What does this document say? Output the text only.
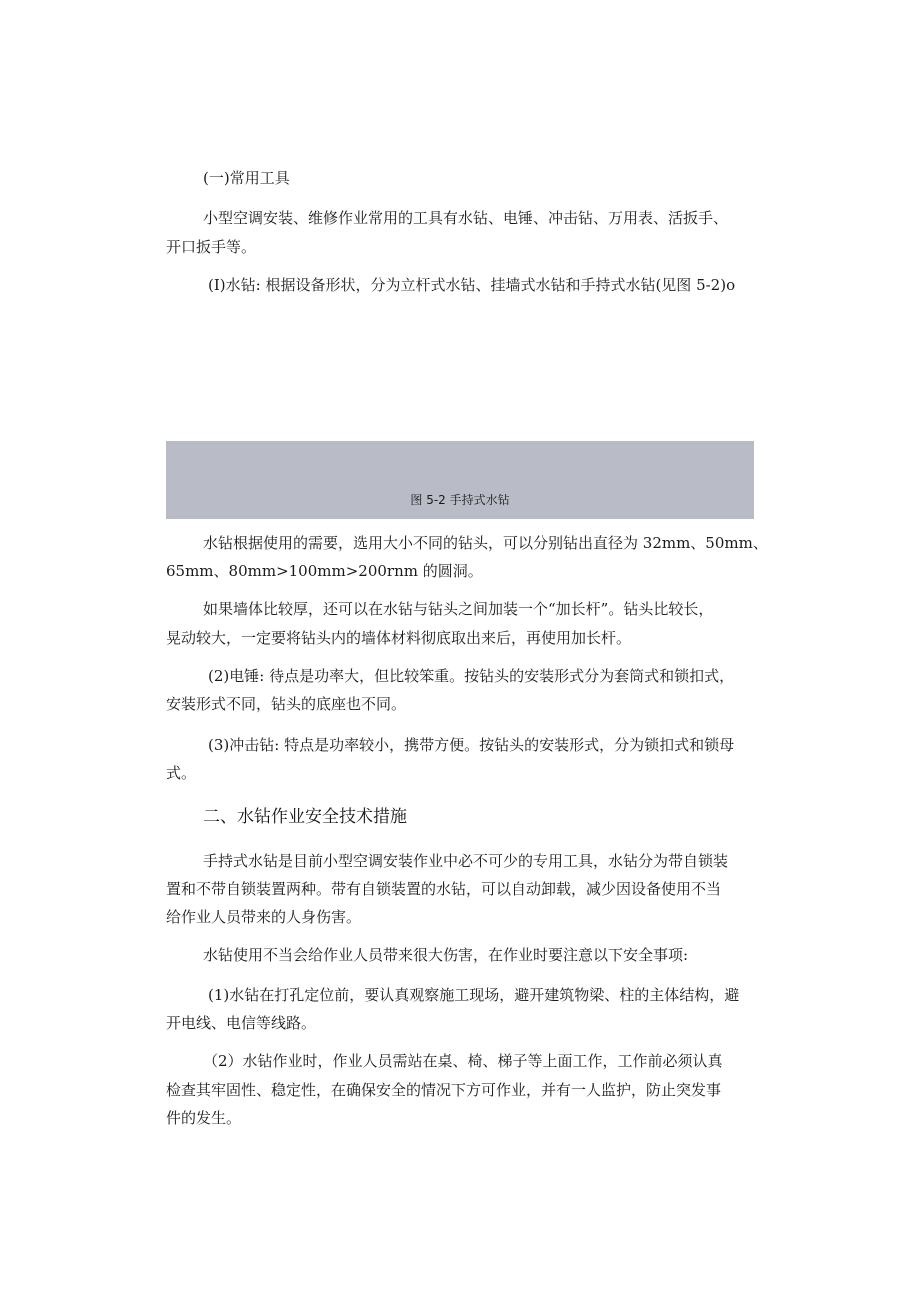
(一)常用工具
小型空调安装、维修作业常用的工具有水钻、电锤、冲击钻、万用表、活扳手、
开口扳手等。
(I)水钻: 根据设备形状，分为立杆式水钻、挂墙式水钻和手持式水钻(见图 5-2)o
图 5-2 手持式水钻
水钻根据使用的需要，选用大小不同的钻头，可以分别钻出直径为 32mm、50mm、
65mm、80mm>100mm>200rnm 的圆洞。
如果墙体比较厚，还可以在水钻与钻头之间加装一个“加长杆”。钻头比较长，
晃动较大，一定要将钻头内的墙体材料彻底取出来后，再使用加长杆。
(2)电锤: 待点是功率大，但比较笨重。按钻头的安装形式分为套筒式和锁扣式，
安装形式不同，钻头的底座也不同。
(3)冲击钻: 特点是功率较小，携带方便。按钻头的安装形式，分为锁扣式和锁母
式。
二、水钻作业安全技术措施
手持式水钻是目前小型空调安装作业中必不可少的专用工具，水钻分为带自锁装
置和不带自锁装置两种。带有自锁装置的水钻，可以自动卸载，减少因设备使用不当
给作业人员带来的人身伤害。
水钻使用不当会给作业人员带来很大伤害，在作业时要注意以下安全事项:
(1)水钻在打孔定位前，要认真观察施工现场，避开建筑物梁、柱的主体结构，避
开电线、电信等线路。
（2）水钻作业时，作业人员需站在桌、椅、梯子等上面工作，工作前必须认真
检查其牢固性、稳定性，在确保安全的情况下方可作业，并有一人监护，防止突发事
件的发生。
